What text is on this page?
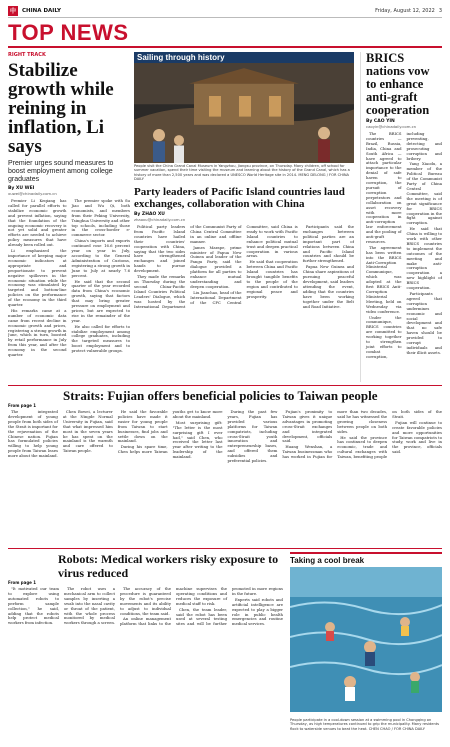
中 CHINA DAILY	Friday, August 12, 2022 3
TOP NEWS
RIGHT TRACK
Stabilize growth while reining in inflation, Li says
Premier urges sound measures to boost employment among college graduates
By XU WEI
xuwei@chinadaily.com.cn

Premier Li Keqiang has called for parallel efforts to stabilize economic growth and prevent inflation, saying that the foundation of the ongoing economic recovery is not yet solid and greater efforts are needed to achieve policy measures that have already been rolled out.

Li emphasized the importance of keeping major economic indicators at appropriate and proportionate to prevent negative spillovers in the economic situation while the economy was stimulated by targeted and bottom-line policies on the performance of the economy in the third quarter.

His remarks came at a number of economic data came from recent decline in economic growth and prices, registering a strong growth in June, which in turn, boosted by retail performance in July from this year, and after the economy in the second quarter.

The premier spoke with Su Jiao and Wu Qi, both economists, and members from their Peking University, Tsinghua University and other top schools, including those in the cross-border e-commerce sector.

China's imports and exports continued rose 16.6 percent year on year in July, according to the General Administration of Customs, registering a strong growth in June to July at nearly 7.6 percent.

He said that the second quarter of the year recorded data from China's economic growth, saying that factors that may bring greater pressure on employment and prices, but are expected to rise in the remainder of the year.

He also called for efforts to stabilize employment among college graduates, including the targeted measures to boost employment and to protect vulnerable groups.

Sailing through history
People visit the China Grand Canal Museum in Yangzhou, Jiangsu province, on Thursday. Many children, off school for summer vacation, spend their time visiting the museum and learning about the history of the Grand Canal, which has a history of more than 2,500 years and was declared a UNESCO World Heritage site in 2014. MENG DELONG / FOR CHINA DAILY
Party leaders of Pacific Island countries laud exchanges, collaboration with China
By ZHAO XU
zhaoxu@chinadaily.com.cn

Political party leaders from Pacific Island countries have hailed their countries' cooperation with China, saying that the two sides have strengthened exchanges and joined hands to pursue development.

They made the remarks on Thursday during the second China-Pacific Island Countries Political Leaders' Dialogue, which was hosted by the International Department of the Communist Party of China Central Committee in an online and offline manner.

James Marape, prime minister of Papua New Guinea and leader of the Pangu Party, said the dialogue provided a platform for all parties to enhance mutual understanding and deepen cooperation.

Liu Jianchao, head of the International Department of the CPC Central Committee, said China is ready to work with Pacific Island countries to enhance political mutual trust and deepen practical cooperation in various areas.

He said that cooperation between China and Pacific Island countries has brought tangible benefits to the people of the region and contributed to regional peace and prosperity.

Participants said the exchanges between political parties are an important part of relations between China and Pacific Island countries and should be further strengthened.

Papua New Guinea and China share aspirations of pursuing peaceful development, said leaders attending the event, adding that the countries have been working together under the Belt and Road Initiative.

BRICS nations vow to enhance anti-graft cooperation
By CAO YIN
caoyin@chinadaily.com.cn

The BRICS countries — Brazil, Russia, India, China and South Africa — have agreed to attach particular importance to the denial of safe haven to corruption, the pursuit of corruption perpetrators and collaboration on asset recovery with more cooperation in anti-corruption law enforcement and the pooling of anti-graft resources.

The agreement has been written into the BRICS Anti-Corruption Ministerial Communique, which was adopted at the first BRICS Anti-Corruption Ministerial Meeting, held on Wednesday via video conference.

Under the communique, BRICS countries are committed to working together to strengthen joint efforts to combat corruption, including preventing, detecting and prosecuting corruption and bribery.

Yang Xiaodu, a member of the Political Bureau of the Communist Party of China Central Committee, said the meeting is of great significance for BRICS cooperation in the fight against corruption.

He said that China is willing to work with other BRICS countries to implement the outcomes of the meeting and make anti-corruption cooperation a new highlight of BRICS cooperation.

Participants agreed that corruption undermines economic and social development and that no safe haven should be provided to corrupt individuals and their illicit assets.

Straits: Fujian offers beneficial policies to Taiwan people
From page 1

The integrated development of young people from both sides of the Strait is important for the rejuvenation of the Chinese nation. Fujian has formulated policies willing to help young people from Taiwan learn more about the mainland.

Chen Bowei, a lecturer at the Ningde Normal University in Fujian, said that what impressed him most in the seven years he has spent on the mainland is the warmth and care offered to Taiwan people.

He said the favorable policies have made it easier for young people from Taiwan to start businesses, find jobs and settle down on the mainland.

During his spare time, Chen helps more Taiwan youths get to know more about the mainland.

Most surprising gift: "The letter is the most surprising gift I ever had," said Chen, who received the letter last year after writing to the leadership of the mainland.

During the past few years, Fujian has provided various platforms for Taiwan compatriots, including cross-Strait youth innovation and entrepreneurship bases, and offered them subsidies and preferential policies.

Fujian's proximity to Taiwan gives it unique advantages in promoting cross-Strait exchanges and integrated development, officials said.

Huang Wenshan, a Taiwan businessman who has worked in Fujian for more than two decades, said he has witnessed the growing closeness between people on both sides.

He said the province has continued to deepen economic, trade and cultural exchanges with Taiwan, benefiting people on both sides of the Strait.

Fujian will continue to create favorable policies and more opportunities for Taiwan compatriots to study, work and live in the province, officials said.

Robots: Medical workers risky exposure to virus reduced
From page 1

"It motivated our team to explore using automated robots to perform sample collection," he said, adding that the robots help protect medical workers from infection.

The robot uses a mechanical arm to collect samples by inserting a swab into the nasal cavity or throat of the patient, with the whole process monitored by medical workers through a screen.

The accuracy of the procedure is guaranteed by the robot's precise movements and its ability to adjust to individual conditions, the team said.

An online management platform that links to the machine supervises the operating conditions and reduces the exposure of medical staff to risk.

Chen, the team leader, said the robot has been used at several testing sites and will be further promoted in more regions in the future.

Experts said robots and artificial intelligence are expected to play a bigger role in public health emergencies and routine medical services.

Taking a cool break
People participate in a cool-down session at a swimming pool in Chongqing on Thursday, as high temperatures continued to grip the municipality. Many residents flock to waterside venues to beat the heat. CHEN CHAO / FOR CHINA DAILY
